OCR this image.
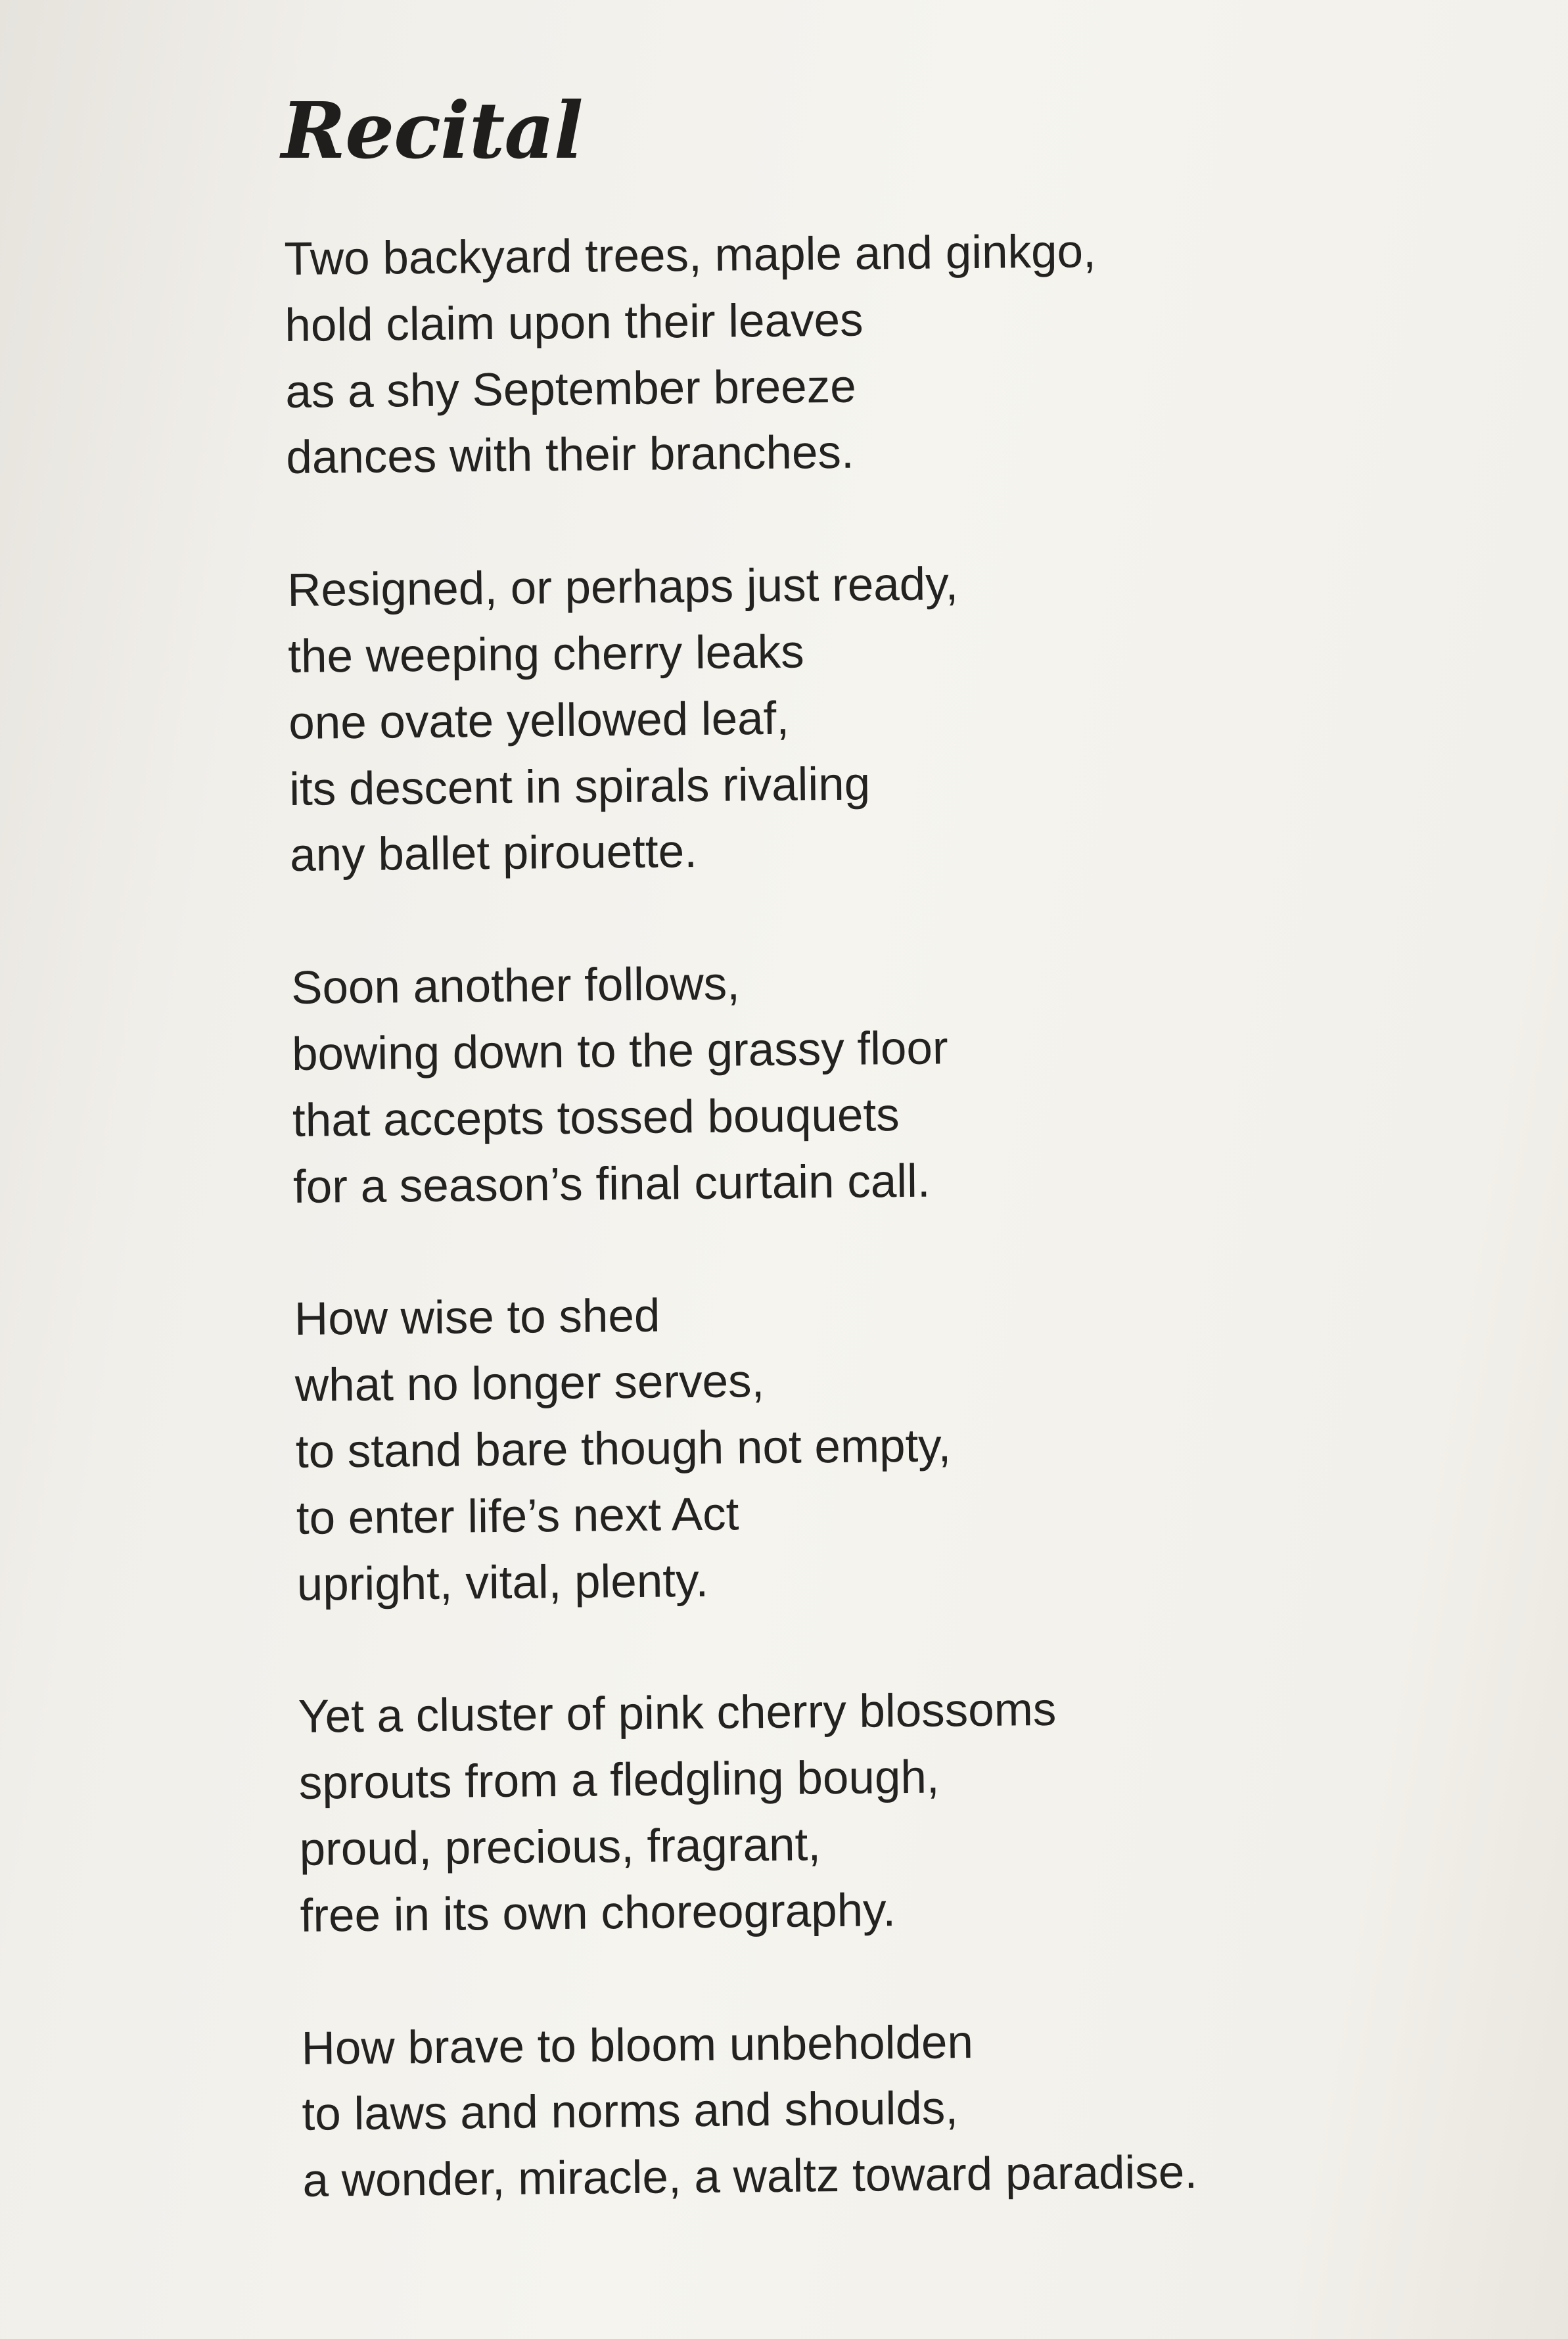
Recital
Two backyard trees, maple and ginkgo,
hold claim upon their leaves
as a shy September breeze
dances with their branches.
Resigned, or perhaps just ready,
the weeping cherry leaks
one ovate yellowed leaf,
its descent in spirals rivaling
any ballet pirouette.
Soon another follows,
bowing down to the grassy floor
that accepts tossed bouquets
for a season’s final curtain call.
How wise to shed
what no longer serves,
to stand bare though not empty,
to enter life’s next Act
upright, vital, plenty.
Yet a cluster of pink cherry blossoms
sprouts from a fledgling bough,
proud, precious, fragrant,
free in its own choreography.
How brave to bloom unbeholden
to laws and norms and shoulds,
a wonder, miracle, a waltz toward paradise.
